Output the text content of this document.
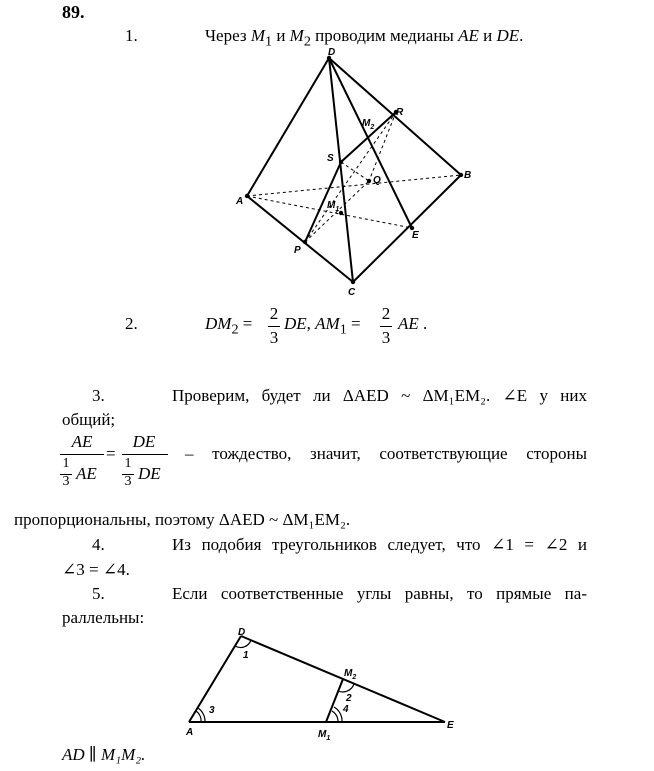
89.
1.	Через $M_1$ и $M_2$ проводим медианы AE и DE.
D
R
$M_2$
S
Q	B
A	$M_1$
E
P
C
2.	$DM_2$ =
2
3
DE, $AM_1$ =
2
3
AE .
3.	Проверим, будет ли ΔAED ~ ΔM₁EM₂. ∠E у них
общий;
AE
1
3 AE
=
DE
1
3 DE
– тождество, значит, соответствующие стороны
пропорциональны, поэтому ΔAED ~ ΔM₁EM₂.
4.	Из подобия треугольников следует, что ∠1 = ∠2 и
∠3 = ∠4.
5.	Если соответственные углы равны, то прямые па-
раллельны:
D
$M_2$
A	$M_1$
E
1
2
3	4
AD ∥ M₁M₂.
